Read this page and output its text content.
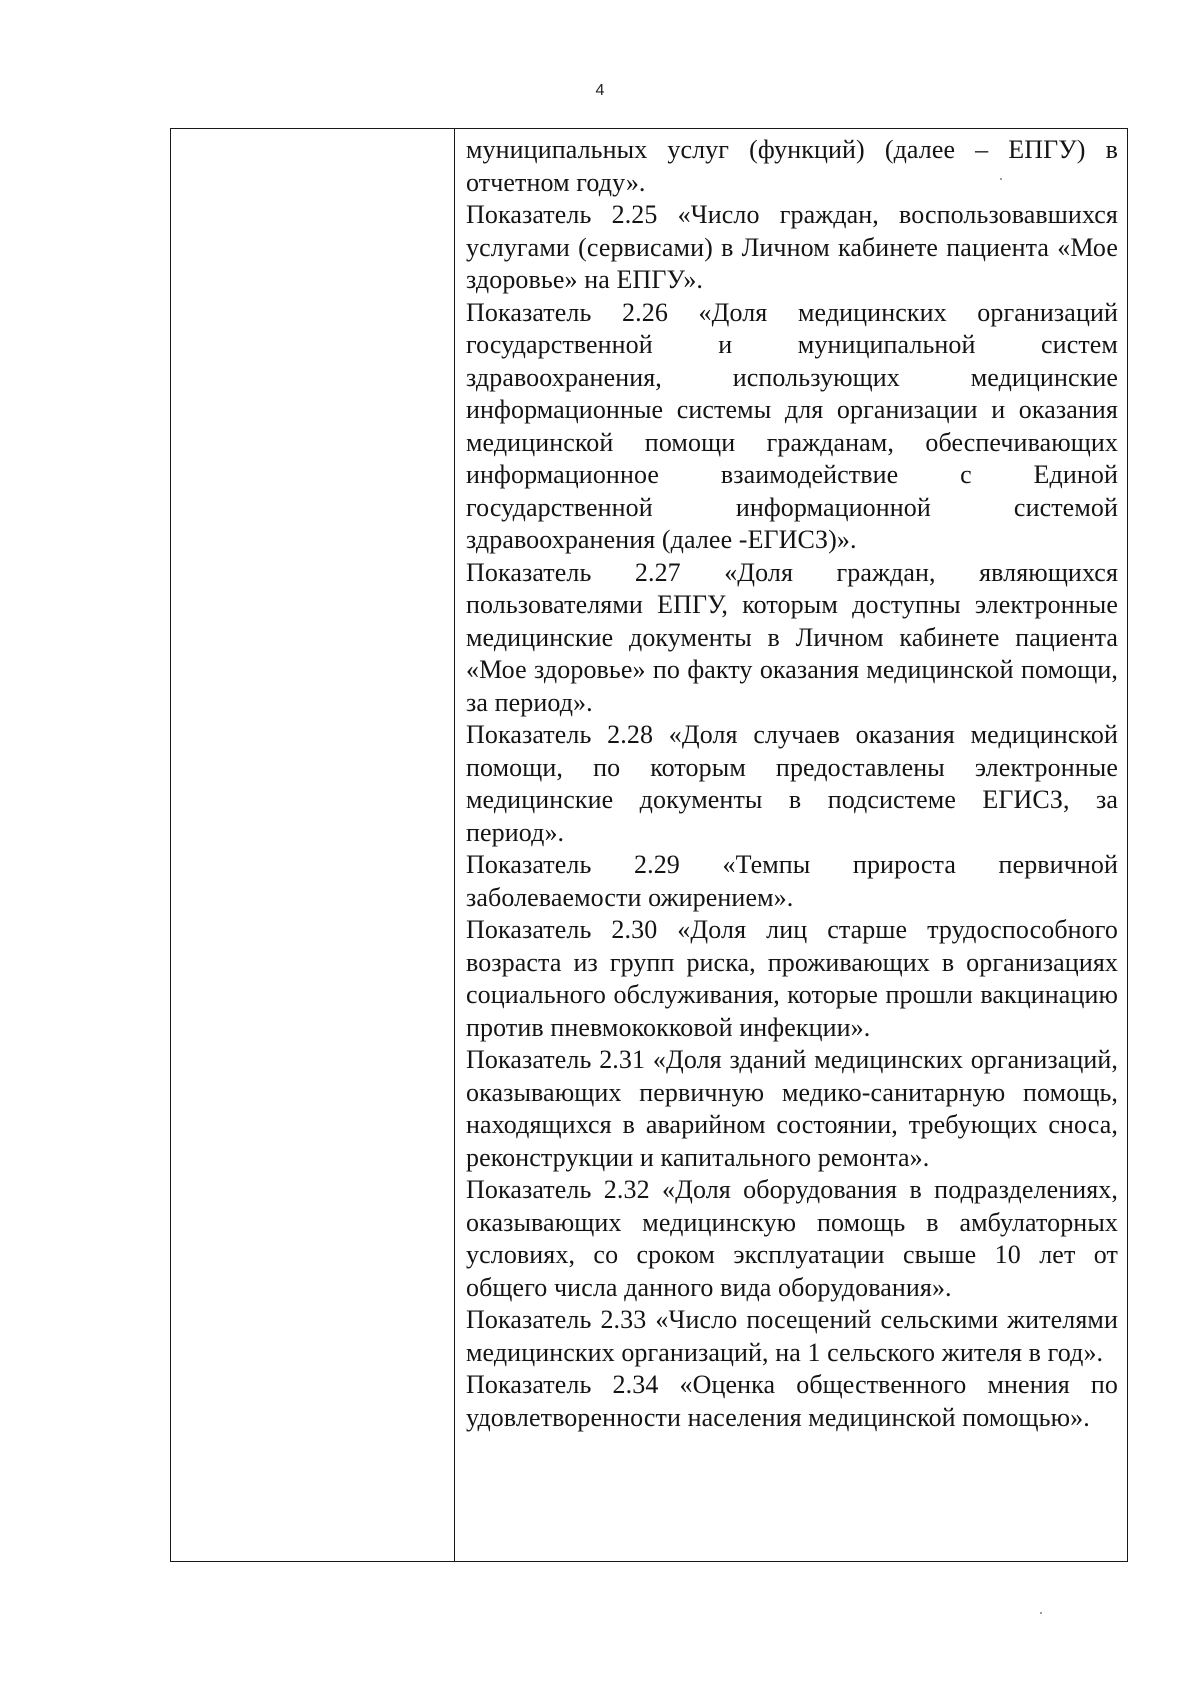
4

муниципальных услуг (функций) (далее – ЕПГУ) в отчетном году».

Показатель 2.25 «Число граждан, воспользовавшихся услугами (сервисами) в Личном кабинете пациента «Мое здоровье» на ЕПГУ».

Показатель 2.26 «Доля медицинских организаций государственной и муниципальной систем здравоохранения, использующих медицинские информационные системы для организации и оказания медицинской помощи гражданам, обеспечивающих информационное взаимодействие с Единой государственной информационной системой здравоохранения (далее -ЕГИСЗ)».

Показатель 2.27 «Доля граждан, являющихся пользователями ЕПГУ, которым доступны электронные медицинские документы в Личном кабинете пациента «Мое здоровье» по факту оказания медицинской помощи, за период».

Показатель 2.28 «Доля случаев оказания медицинской помощи, по которым предоставлены электронные медицинские документы в подсистеме ЕГИСЗ, за период».

Показатель 2.29 «Темпы прироста первичной заболеваемости ожирением».

Показатель 2.30 «Доля лиц старше трудоспособного возраста из групп риска, проживающих в организациях социального обслуживания, которые прошли вакцинацию против пневмококковой инфекции».

Показатель 2.31 «Доля зданий медицинских организаций, оказывающих первичную медико-санитарную помощь, находящихся в аварийном состоянии, требующих сноса, реконструкции и капитального ремонта».

Показатель 2.32 «Доля оборудования в подразделениях, оказывающих медицинскую помощь в амбулаторных условиях, со сроком эксплуатации свыше 10 лет от общего числа данного вида оборудования».

Показатель 2.33 «Число посещений сельскими жителями медицинских организаций, на 1 сельского жителя в год».

Показатель 2.34 «Оценка общественного мнения по удовлетворенности населения медицинской помощью».
